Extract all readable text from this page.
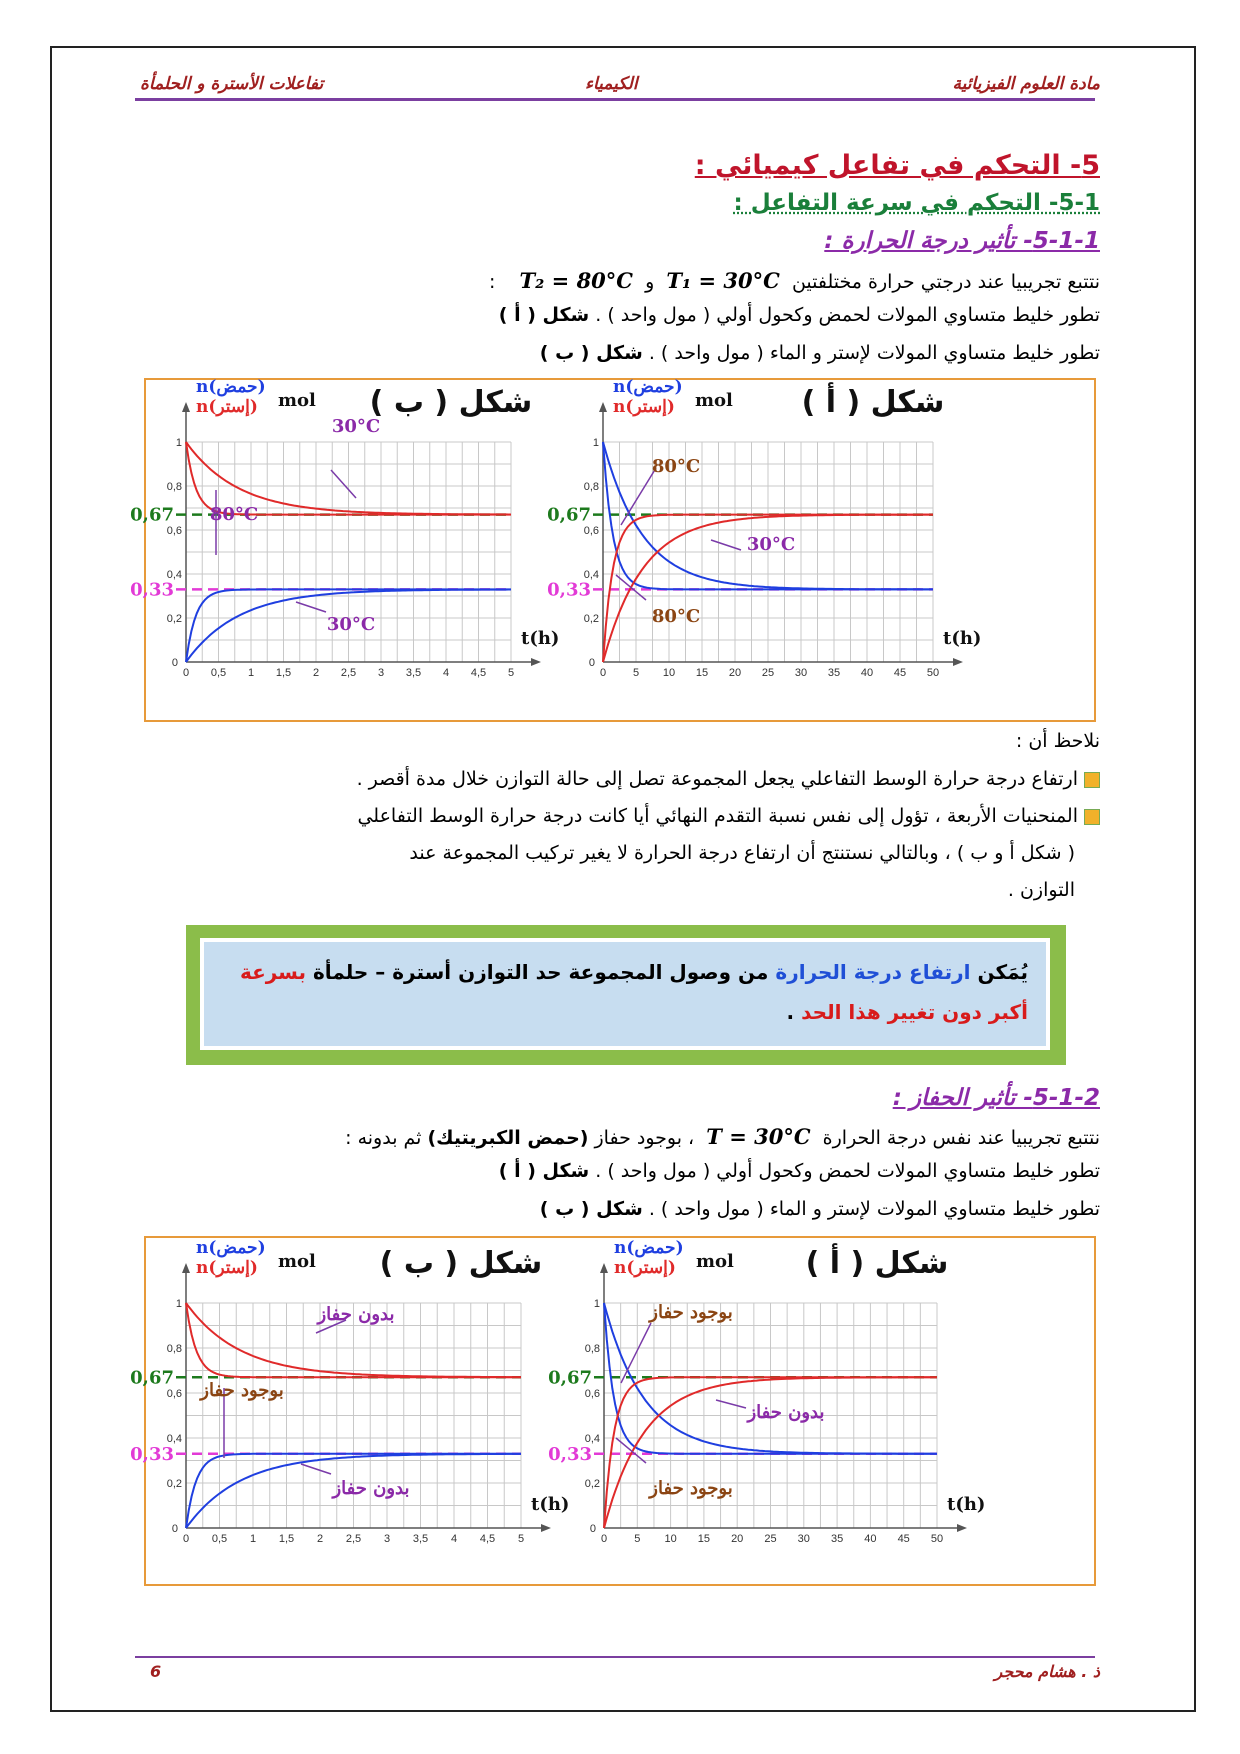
مادة العلوم الفيزيائية
الكيمياء
تفاعلات الأسترة و الحلمأة
5- التحكم في تفاعل كيميائي :
5-1- التحكم في سرعة التفاعل :
5-1-1- تأثير درجة الحرارة :
نتتبع تجريبيا عند درجتي حرارة مختلفتين  T₁ = 30°C  و  T₂ = 80°C    :
تطور خليط متساوي المولات لحمض وكحول أولي ( مول واحد ) . شكل ( أ )
تطور خليط متساوي المولات لإستر و الماء ( مول واحد ) . شكل ( ب )
0 0,5 1 1,5 2 2,5 3 3,5 4 4,5 5
0,2
0,4
0,6
0,8
1
0
0,67
0,33
t(h)
n(حمض)
n(إستر) mol شكل ( ب )
30°C
80°C
30°C
0 5 10 15 20 25 30 35 40 45 50
0,2
0,4
0,6
0,8
1
0
0,67
0,33
t(h)
n(حمض)
n(إستر) mol شكل ( أ )
80°C
30°C
80°C
نلاحظ أن :
ارتفاع درجة حرارة الوسط التفاعلي يجعل المجموعة تصل إلى حالة التوازن خلال مدة أقصر .
المنحنيات الأربعة ، تؤول إلى نفس نسبة التقدم النهائي أيا كانت درجة حرارة الوسط التفاعلي
( شكل أ و ب ) ، وبالتالي نستنتج أن ارتفاع درجة الحرارة لا يغير تركيب المجموعة عند
التوازن .
يُمَكن ارتفاع درجة الحرارة من وصول المجموعة حد التوازن أسترة – حلمأة بسرعة
أكبر دون تغيير هذا الحد .
5-1-2- تأثير الحفاز :
نتتبع تجريبيا عند نفس درجة الحرارة  T = 30°C  ، بوجود حفاز (حمض الكبريتيك) ثم بدونه :
تطور خليط متساوي المولات لحمض وكحول أولي ( مول واحد ) . شكل ( أ )
تطور خليط متساوي المولات لإستر و الماء ( مول واحد ) . شكل ( ب )
0 0,5 1 1,5 2 2,5 3 3,5 4 4,5 5
0,2
0,4
0,6
0,8
1
0
0,67
0,33
t(h)
n(حمض)
n(إستر) mol شكل ( ب )
بدون حفاز
بوجود حفاز
بدون حفاز
0 5 10 15 20 25 30 35 40 45 50
0,2
0,4
0,6
0,8
1
0
0,67
0,33
t(h)
n(حمض)
n(إستر) mol شكل ( أ )
بوجود حفاز
بدون حفاز
بوجود حفاز
ذ . هشام محجر
6
